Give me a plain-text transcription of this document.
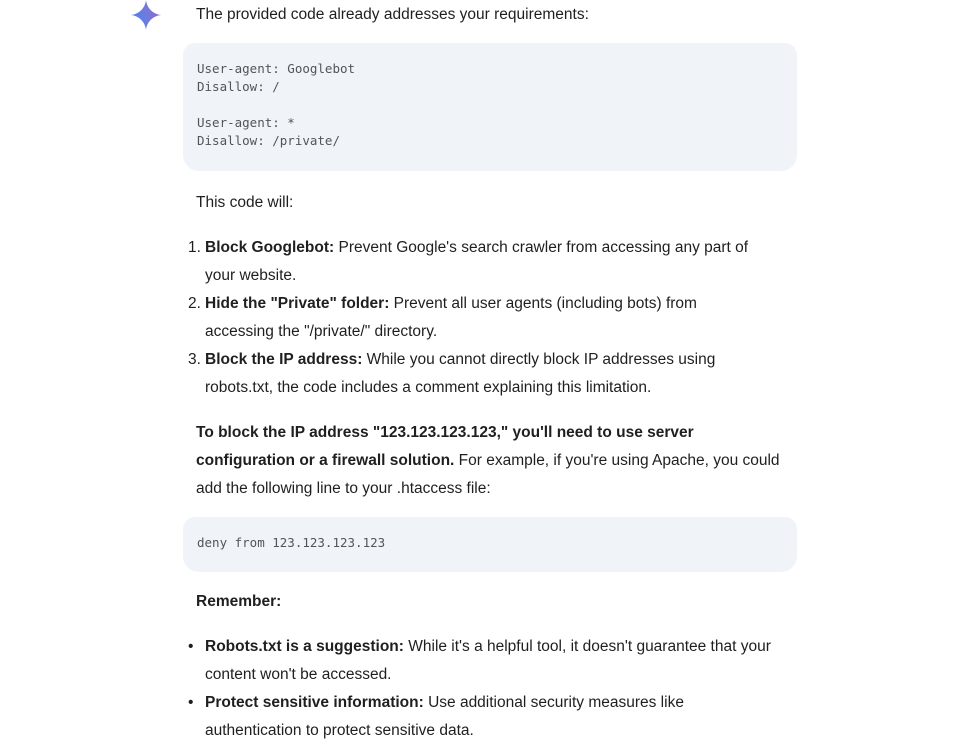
The provided code already addresses your requirements:
User-agent: Googlebot
Disallow: /

User-agent: *
Disallow: /private/
This code will:
1. Block Googlebot: Prevent Google's search crawler from accessing any part of
your website.
2. Hide the "Private" folder: Prevent all user agents (including bots) from
accessing the "/private/" directory.
3. Block the IP address: While you cannot directly block IP addresses using
robots.txt, the code includes a comment explaining this limitation.
To block the IP address "123.123.123.123," you'll need to use server
configuration or a firewall solution. For example, if you're using Apache, you could
add the following line to your .htaccess file:
deny from 123.123.123.123
Remember:
• Robots.txt is a suggestion: While it's a helpful tool, it doesn't guarantee that your
content won't be accessed.
• Protect sensitive information: Use additional security measures like
authentication to protect sensitive data.
